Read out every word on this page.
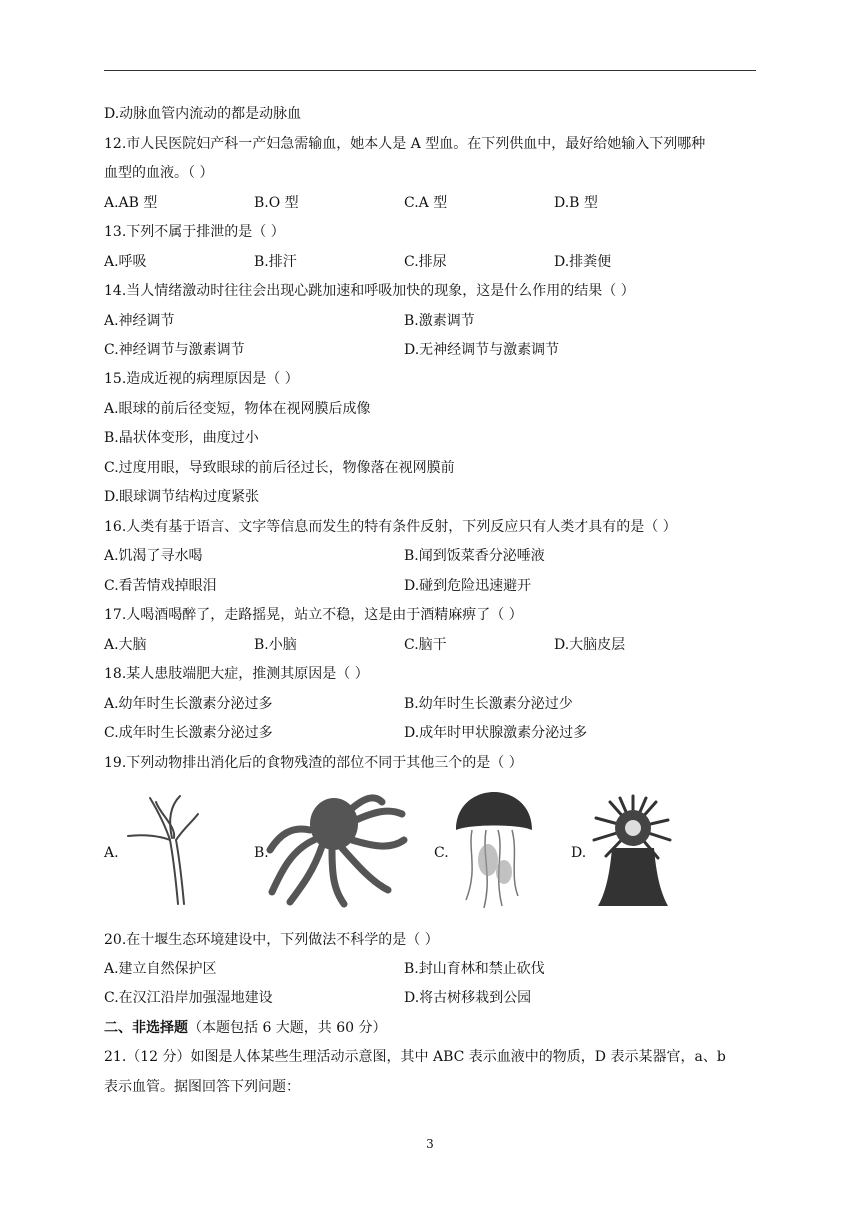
D.动脉血管内流动的都是动脉血
12.市人民医院妇产科一产妇急需输血，她本人是 A 型血。在下列供血中，最好给她输入下列哪种
血型的血液。（ ）
A.AB 型	B.O 型	C.A 型	D.B 型
13.下列不属于排泄的是（ ）
A.呼吸	B.排汗	C.排尿	D.排粪便
14.当人情绪激动时往往会出现心跳加速和呼吸加快的现象，这是什么作用的结果（ ）
A.神经调节	B.激素调节
C.神经调节与激素调节	D.无神经调节与激素调节
15.造成近视的病理原因是（ ）
A.眼球的前后径变短，物体在视网膜后成像
B.晶状体变形，曲度过小
C.过度用眼，导致眼球的前后径过长，物像落在视网膜前
D.眼球调节结构过度紧张
16.人类有基于语言、文字等信息而发生的特有条件反射，下列反应只有人类才具有的是（ ）
A.饥渴了寻水喝	B.闻到饭菜香分泌唾液
C.看苦情戏掉眼泪	D.碰到危险迅速避开
17.人喝酒喝醉了，走路摇晃，站立不稳，这是由于酒精麻痹了（ ）
A.大脑	B.小脑	C.脑干	D.大脑皮层
18.某人患肢端肥大症，推测其原因是（ ）
A.幼年时生长激素分泌过多	B.幼年时生长激素分泌过少
C.成年时生长激素分泌过多	D.成年时甲状腺激素分泌过多
19.下列动物排出消化后的食物残渣的部位不同于其他三个的是（ ）
A.	B.	C.	D.
20.在十堰生态环境建设中，下列做法不科学的是（ ）
A.建立自然保护区	B.封山育林和禁止砍伐
C.在汉江沿岸加强湿地建设	D.将古树移栽到公园
二、非选择题（本题包括 6 大题，共 60 分）
21.（12 分）如图是人体某些生理活动示意图，其中 ABC 表示血液中的物质，D 表示某器官，a、b
表示血管。据图回答下列问题：
3
